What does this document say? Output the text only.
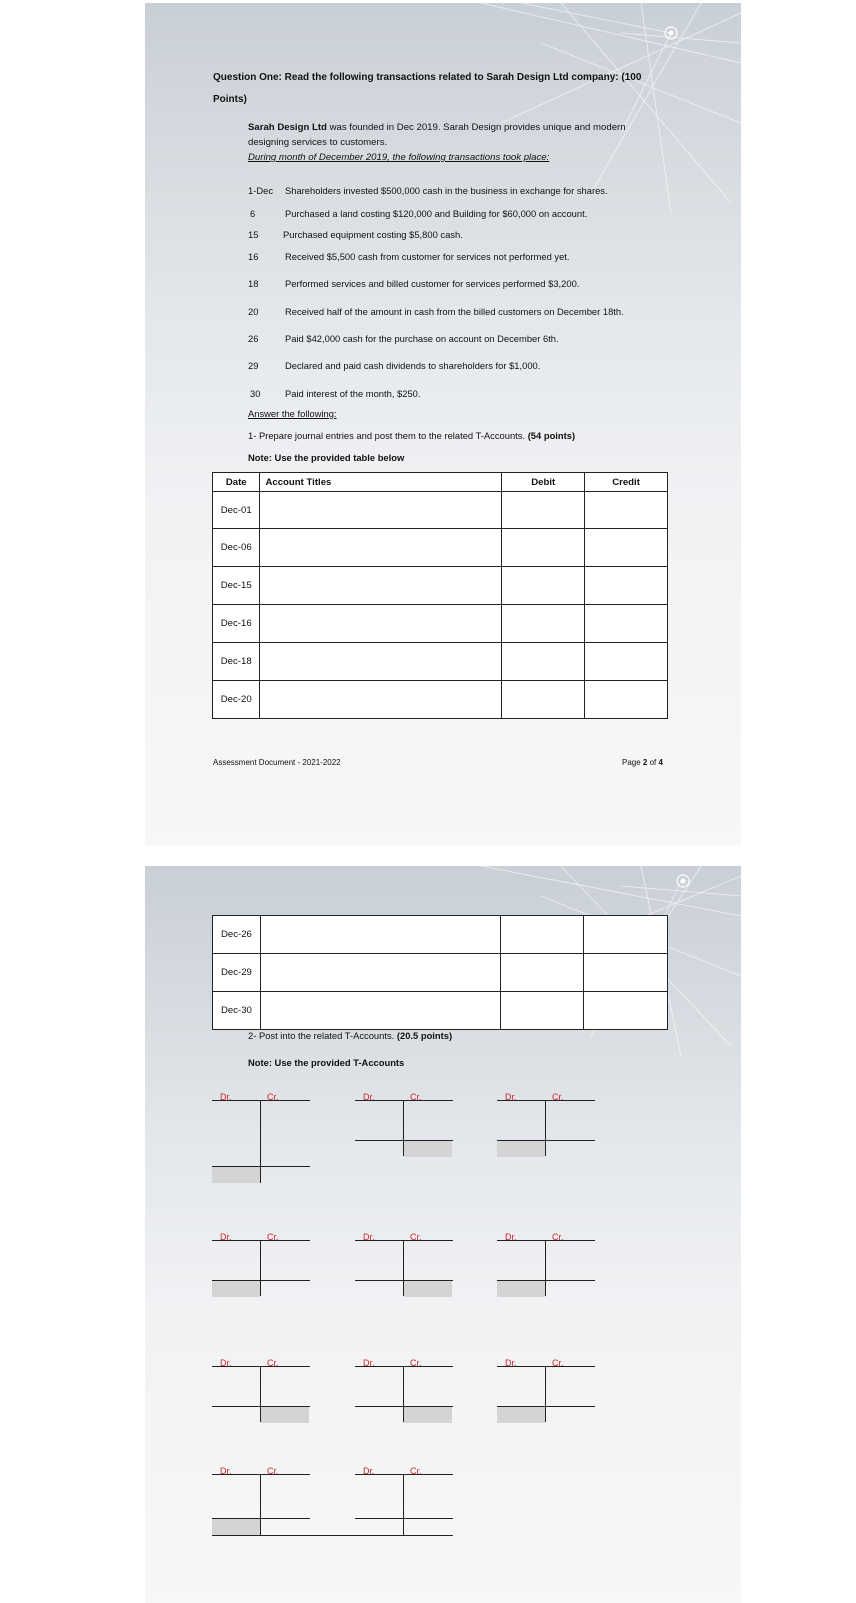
Question One: Read the following transactions related to Sarah Design Ltd company: (100
Points)
Sarah Design Ltd was founded in Dec 2019. Sarah Design provides unique and modern
designing services to customers.
During month of December 2019, the following transactions took place:
1-Dec Shareholders invested $500,000 cash in the business in exchange for shares.
6	Purchased a land costing $120,000 and Building for $60,000 on account.
15	Purchased equipment costing $5,800 cash.
16	Received $5,500 cash from customer for services not performed yet.
18	Performed services and billed customer for services performed $3,200.
20	Received half of the amount in cash from the billed customers on December 18th.
26	Paid $42,000 cash for the purchase on account on December 6th.
29	Declared and paid cash dividends to shareholders for $1,000.
30	Paid interest of the month, $250.
Answer the following:
1- Prepare journal entries and post them to the related T-Accounts. (54 points)
Note: Use the provided table below
Date	Account Titles	Debit	Credit
Dec-01			
Dec-06			
Dec-15			
Dec-16			
Dec-18			
Dec-20			
Assessment Document - 2021-2022	Page 2 of 4
Dec-26			
Dec-29			
Dec-30			
2- Post into the related T-Accounts. (20.5 points)
Note: Use the provided T-Accounts
Dr.	Cr.	Dr.	Cr.	Dr.	Cr.
Dr.	Cr.	Dr.	Cr.	Dr.	Cr.
Dr.	Cr.	Dr.	Cr.	Dr.	Cr.
Dr.	Cr.	Dr.	Cr.
